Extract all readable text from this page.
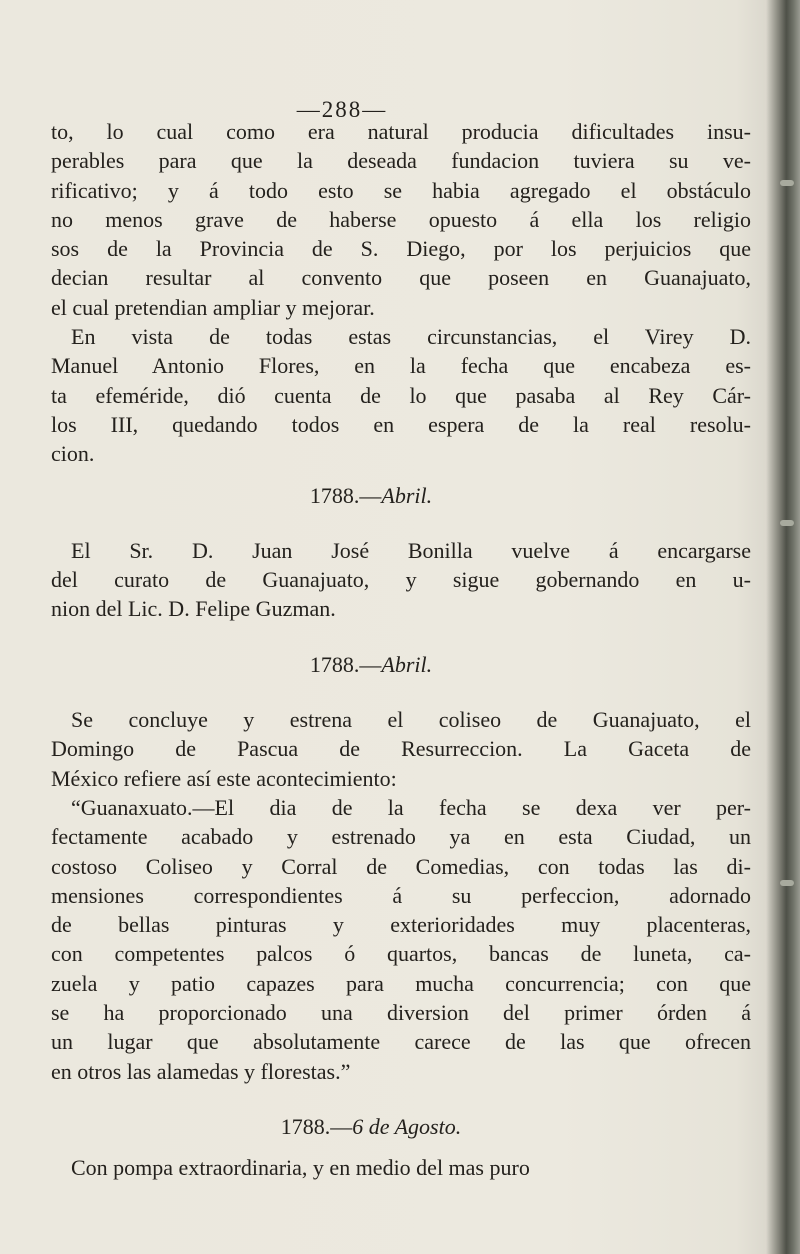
—288—
to, lo cual como era natural producia dificultades insu-
perables para que la deseada fundacion tuviera su ve-
rificativo; y á todo esto se habia agregado el obstáculo
no menos grave de haberse opuesto á ella los religio
sos de la Provincia de S. Diego, por los perjuicios que
decian resultar al convento que poseen en Guanajuato,
el cual pretendian ampliar y mejorar.
En vista de todas estas circunstancias, el Virey D.
Manuel Antonio Flores, en la fecha que encabeza es-
ta efeméride, dió cuenta de lo que pasaba al Rey Cár-
los III, quedando todos en espera de la real resolu-
cion.
1788.—Abril.
El Sr. D. Juan José Bonilla vuelve á encargarse
del curato de Guanajuato, y sigue gobernando en u-
nion del Lic. D. Felipe Guzman.
1788.—Abril.
Se concluye y estrena el coliseo de Guanajuato, el
Domingo de Pascua de Resurreccion. La Gaceta de
México refiere así este acontecimiento:
“Guanaxuato.—El dia de la fecha se dexa ver per-
fectamente acabado y estrenado ya en esta Ciudad, un
costoso Coliseo y Corral de Comedias, con todas las di-
mensiones correspondientes á su perfeccion, adornado
de bellas pinturas y exterioridades muy placenteras,
con competentes palcos ó quartos, bancas de luneta, ca-
zuela y patio capazes para mucha concurrencia; con que
se ha proporcionado una diversion del primer órden á
un lugar que absolutamente carece de las que ofrecen
en otros las alamedas y florestas.”
1788.—6 de Agosto.
Con pompa extraordinaria, y en medio del mas puro
